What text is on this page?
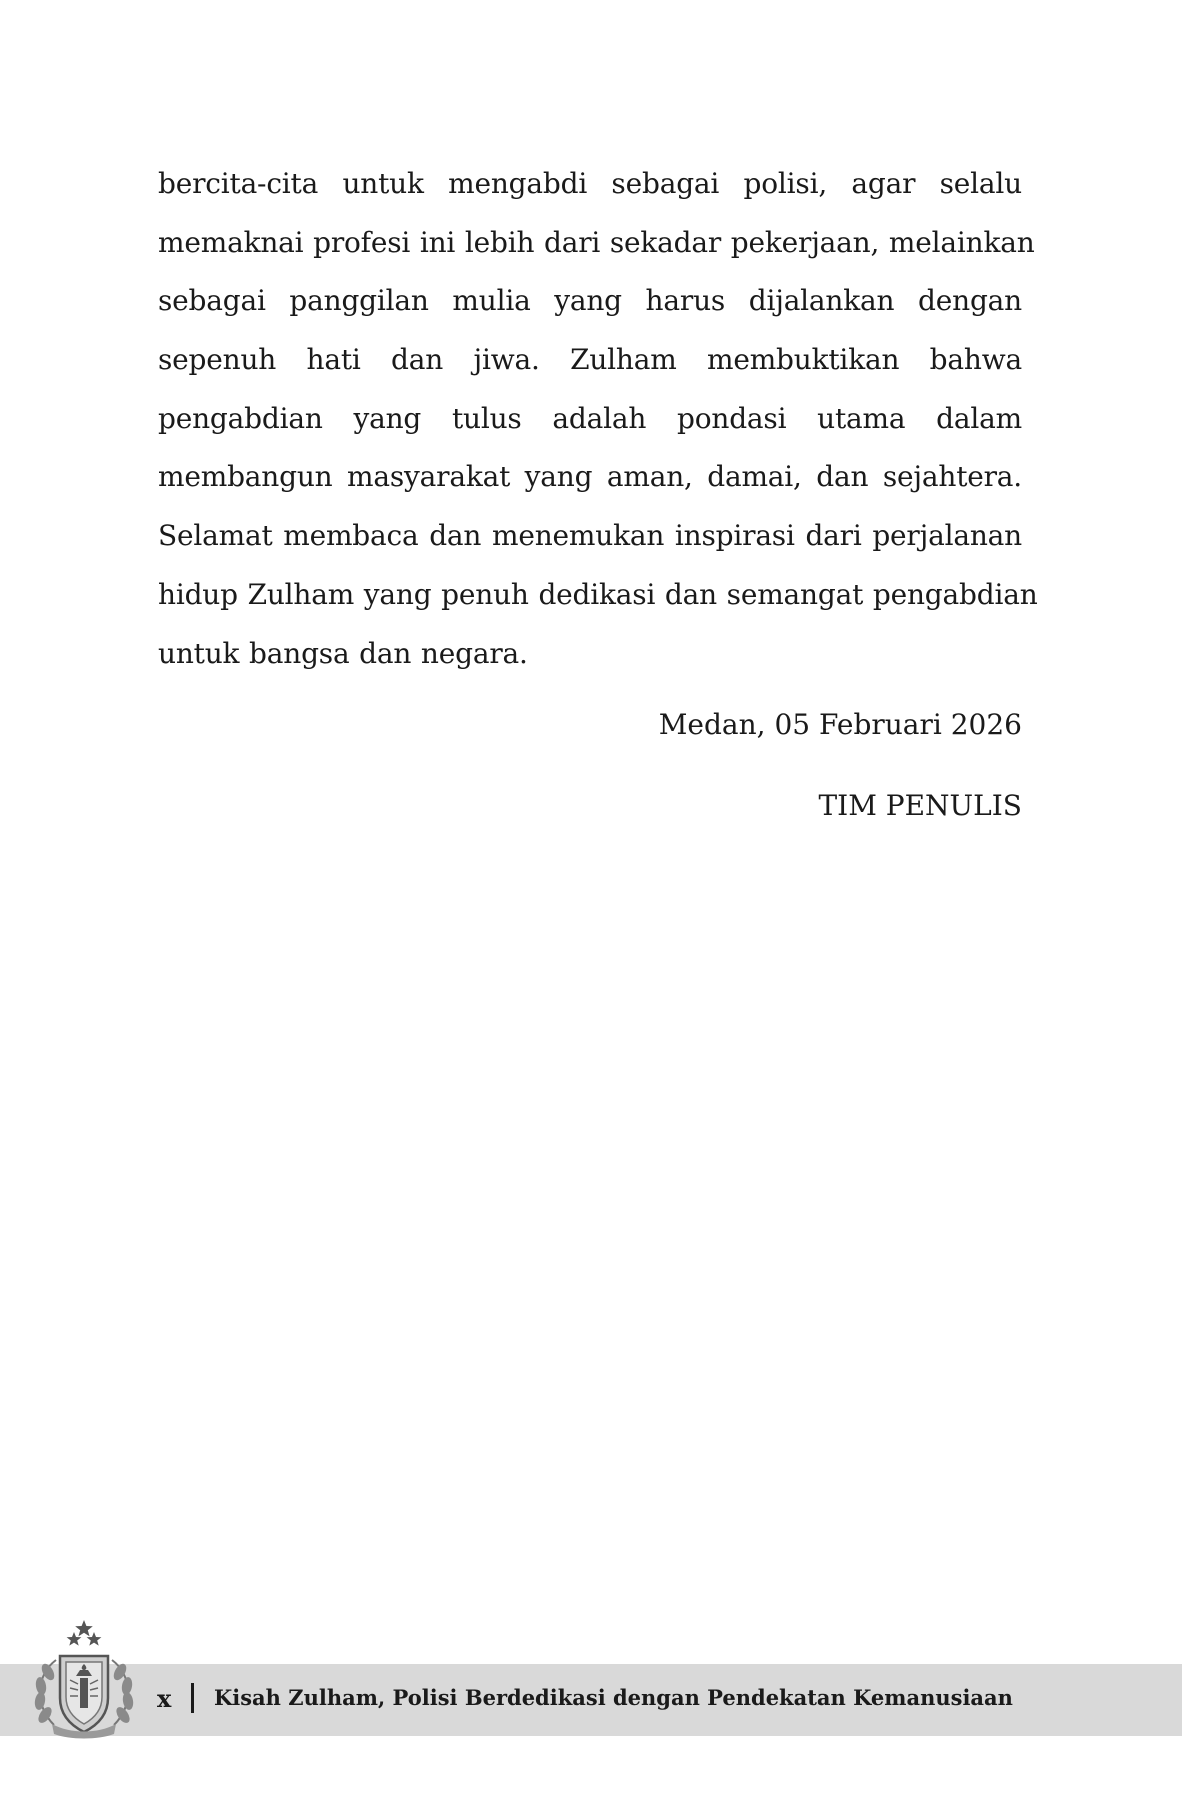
bercita-cita untuk mengabdi sebagai polisi, agar selalu
memaknai profesi ini lebih dari sekadar pekerjaan, melainkan
sebagai panggilan mulia yang harus dijalankan dengan
sepenuh hati dan jiwa. Zulham membuktikan bahwa
pengabdian yang tulus adalah pondasi utama dalam
membangun masyarakat yang aman, damai, dan sejahtera.
Selamat membaca dan menemukan inspirasi dari perjalanan
hidup Zulham yang penuh dedikasi dan semangat pengabdian
untuk bangsa dan negara.

Medan, 05 Februari 2026

TIM PENULIS

x Kisah Zulham, Polisi Berdedikasi dengan Pendekatan Kemanusiaan
